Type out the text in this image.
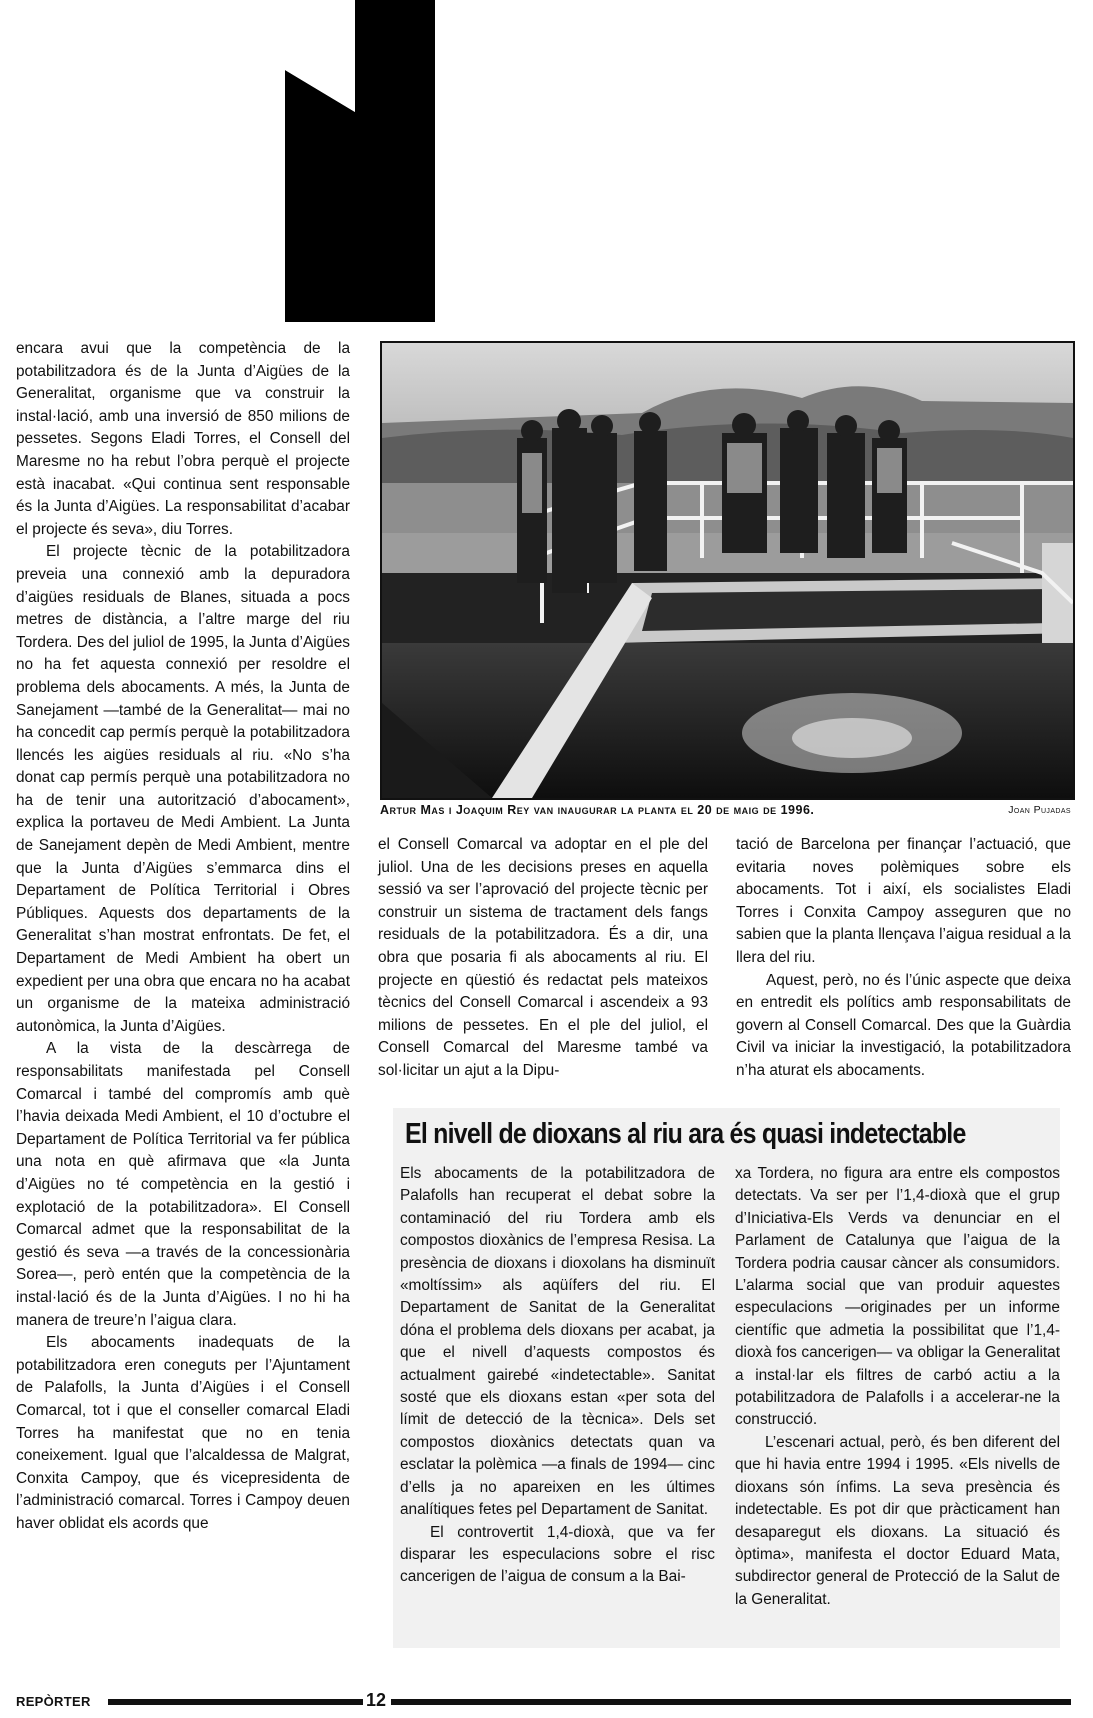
encara avui que la competència de la potabilitzadora és de la Junta d’Aigües de la Generalitat, organisme que va construir la instal·lació, amb una inversió de 850 milions de pessetes. Segons Eladi Torres, el Consell del Maresme no ha rebut l’obra perquè el projecte està inacabat. «Qui continua sent responsable és la Junta d’Aigües. La responsabilitat d’acabar el projecte és seva», diu Torres.

El projecte tècnic de la potabilitzadora preveia una connexió amb la depuradora d’aigües residuals de Blanes, situada a pocs metres de distància, a l’altre marge del riu Tordera. Des del juliol de 1995, la Junta d’Aigües no ha fet aquesta connexió per resoldre el problema dels abocaments. A més, la Junta de Sanejament —també de la Generalitat— mai no ha concedit cap permís perquè la potabilitzadora llencés les aigües residuals al riu. «No s’ha donat cap permís perquè una potabilitzadora no ha de tenir una autorització d’abocament», explica la portaveu de Medi Ambient. La Junta de Sanejament depèn de Medi Ambient, mentre que la Junta d’Aigües s’emmarca dins el Departament de Política Territorial i Obres Públiques. Aquests dos departaments de la Generalitat s’han mostrat enfrontats. De fet, el Departament de Medi Ambient ha obert un expedient per una obra que encara no ha acabat un organisme de la mateixa administració autonòmica, la Junta d’Aigües.

A la vista de la descàrrega de responsabilitats manifestada pel Consell Comarcal i també del compromís amb què l’havia deixada Medi Ambient, el 10 d’octubre el Departament de Política Territorial va fer pública una nota en què afirmava que «la Junta d’Aigües no té competència en la gestió i explotació de la potabilitzadora». El Consell Comarcal admet que la responsabilitat de la gestió és seva —a través de la concessionària Sorea—, però entén que la competència de la instal·lació és de la Junta d’Aigües. I no hi ha manera de treure’n l’aigua clara.

Els abocaments inadequats de la potabilitzadora eren coneguts per l’Ajuntament de Palafolls, la Junta d’Aigües i el Consell Comarcal, tot i que el conseller comarcal Eladi Torres ha manifestat que no en tenia coneixement. Igual que l’alcaldessa de Malgrat, Conxita Campoy, que és vicepresidenta de l’administració comarcal. Torres i Campoy deuen haver oblidat els acords que

Artur Mas i Joaquim Rey van inaugurar la planta el 20 de maig de 1996.	Joan Pujadas

el Consell Comarcal va adoptar en el ple del juliol. Una de les decisions preses en aquella sessió va ser l’aprovació del projecte tècnic per construir un sistema de tractament dels fangs residuals de la potabilitzadora. És a dir, una obra que posaria fi als abocaments al riu. El projecte en qüestió és redactat pels mateixos tècnics del Consell Comarcal i ascendeix a 93 milions de pessetes. En el ple del juliol, el Consell Comarcal del Maresme també va sol·licitar un ajut a la Dipu-

tació de Barcelona per finançar l’actuació, que evitaria noves polèmiques sobre els abocaments. Tot i així, els socialistes Eladi Torres i Conxita Campoy asseguren que no sabien que la planta llençava l’aigua residual a la llera del riu.

Aquest, però, no és l’únic aspecte que deixa en entredit els polítics amb responsabilitats de govern al Consell Comarcal. Des que la Guàrdia Civil va iniciar la investigació, la potabilitzadora n’ha aturat els abocaments.

El nivell de dioxans al riu ara és quasi indetectable

Els abocaments de la potabilitzadora de Palafolls han recuperat el debat sobre la contaminació del riu Tordera amb els compostos dioxànics de l’empresa Resisa. La presència de dioxans i dioxolans ha disminuït «moltíssim» als aqüífers del riu. El Departament de Sanitat de la Generalitat dóna el problema dels dioxans per acabat, ja que el nivell d’aquests compostos és actualment gairebé «indetectable». Sanitat sosté que els dioxans estan «per sota del límit de detecció de la tècnica». Dels set compostos dioxànics detectats quan va esclatar la polèmica —a finals de 1994— cinc d’ells ja no apareixen en les últimes analítiques fetes pel Departament de Sanitat.

El controvertit 1,4-dioxà, que va fer disparar les especulacions sobre el risc cancerigen de l’aigua de consum a la Bai-

xa Tordera, no figura ara entre els compostos detectats. Va ser per l’1,4-dioxà que el grup d’Iniciativa-Els Verds va denunciar en el Parlament de Catalunya que l’aigua de la Tordera podria causar càncer als consumidors. L’alarma social que van produir aquestes especulacions —originades per un informe científic que admetia la possibilitat que l’1,4-dioxà fos cancerigen— va obligar la Generalitat a instal·lar els filtres de carbó actiu a la potabilitzadora de Palafolls i a accelerar-ne la construcció.

L’escenari actual, però, és ben diferent del que hi havia entre 1994 i 1995. «Els nivells de dioxans són ínfims. La seva presència és indetectable. Es pot dir que pràcticament han desaparegut els dioxans. La situació és òptima», manifesta el doctor Eduard Mata, subdirector general de Protecció de la Salut de la Generalitat.

REPÒRTER	12
